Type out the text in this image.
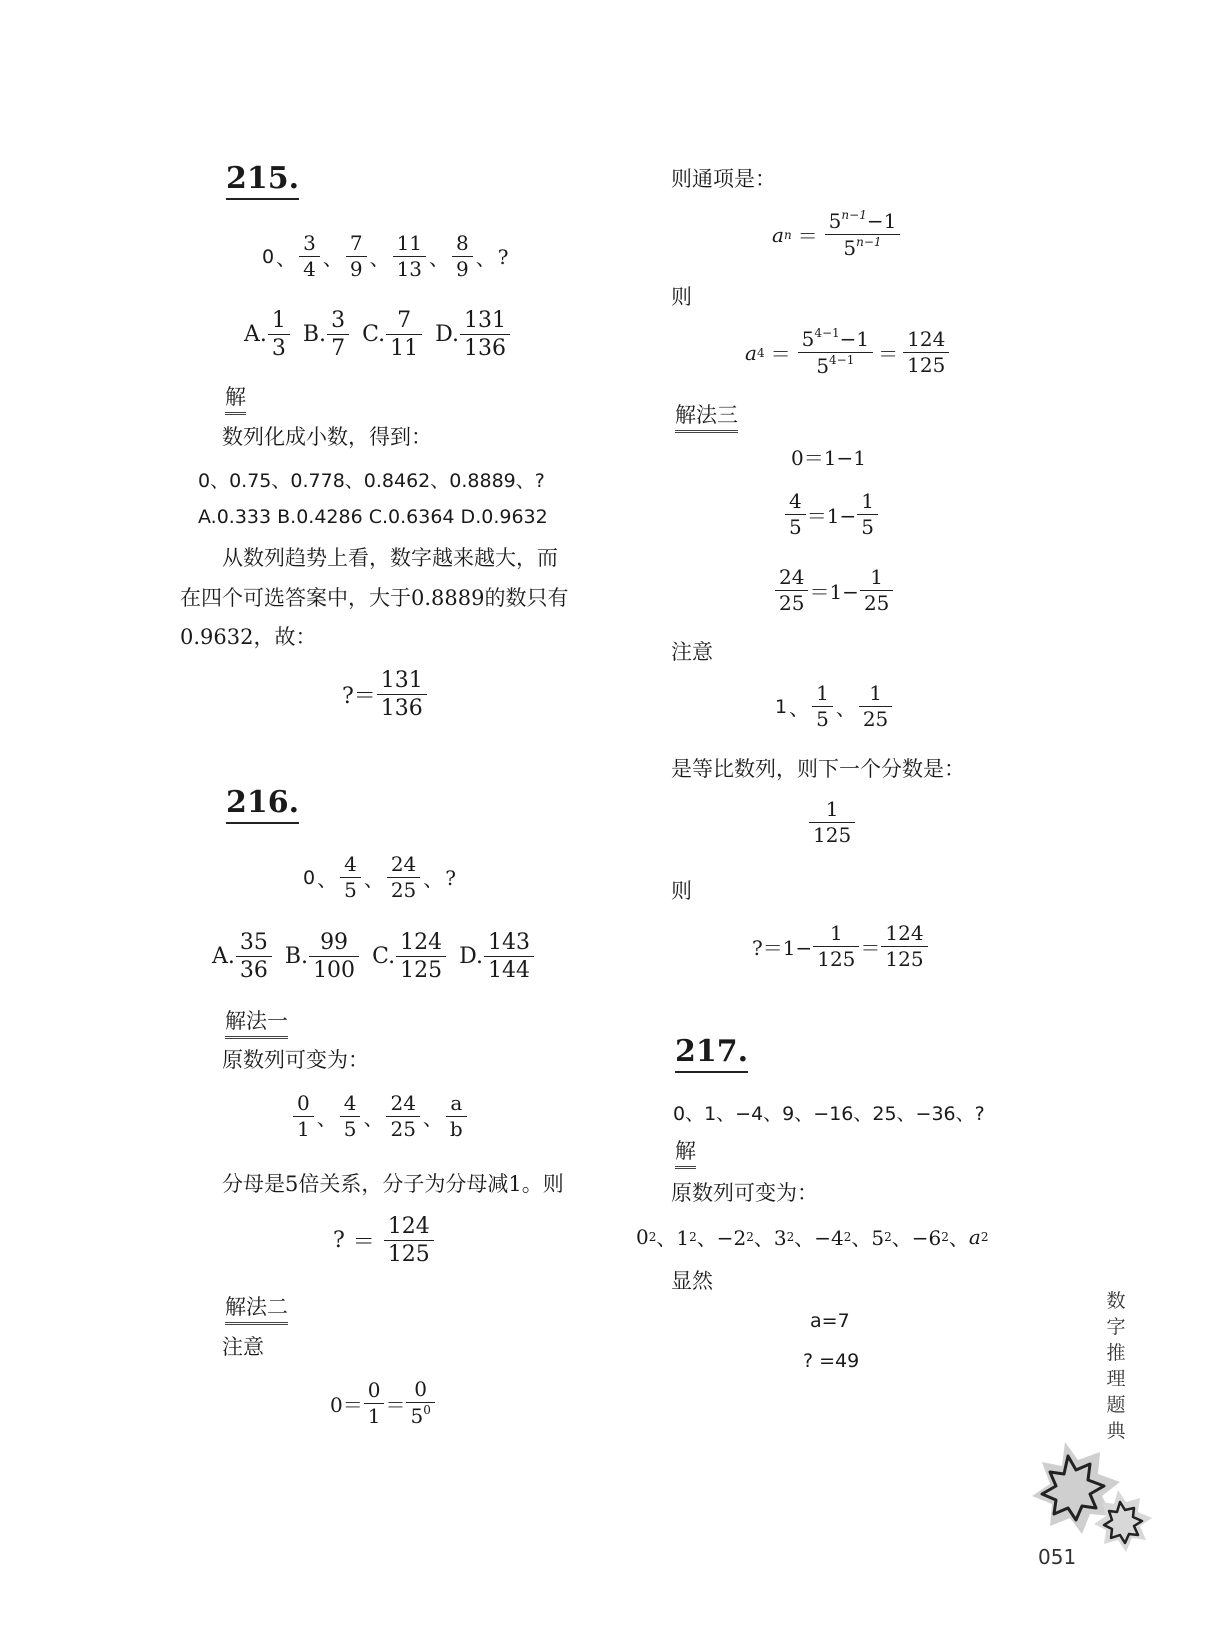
215.
0 、 $\frac{3}{4}$ 、 $\frac{7}{9}$ 、 $\frac{11}{13}$ 、 $\frac{8}{9}$ 、 ?
A. $\frac{1}{3} B$. $\frac{3}{7} C$. $\frac{7}{11} D$. $\frac{131}{136}$
解
数列化成小数，得到：
0、0.75、0.778、0.8462、0.8889、?
A.0.333 B.0.4286 C.0.6364 D.0.9632
从数列趋势上看，数字越来越大，而
在四个可选答案中，大于0.8889的数只有
0.9632，故：
?＝ $\frac{131}{136}$
216.
0 、 $\frac{4}{5}$ 、 $\frac{24}{25}$ 、 ?
A. $\frac{35}{36} B$. $\frac{99}{100} C$. $\frac{124}{125} D$. $\frac{143}{144}$
解法一
原数列可变为：
$\frac{0}{1}$ 、 $\frac{4}{5}$ 、 $\frac{24}{25}$ 、 $\frac{a}{b}$
分母是5倍关系，分子为分母减1。则
? ＝ $\frac{124}{125}$
解法二
注意
$0= \frac{0}{1} = \frac{0}{5^0}$
则通项是：
a $n = \frac{5^{n-1}-1}{5^{n-1}}$
则
a $4 = \frac{5^{4-1}-1}{5^{4-1}} = \frac{124}{125}$
解法三
0＝1−1
$\frac{4}{5} =1- \frac{1}{5}$
$\frac{24}{25} =1- \frac{1}{25}$
注意
1 、 $\frac{1}{5}$ 、 $\frac{1}{25}$
是等比数列，则下一个分数是：
$\frac{1}{125}$
则
?＝1− $\frac{1}{125} = \frac{124}{125}$
217.
0、1、−4、9、−16、25、−36、?
解
原数列可变为：
0 2 、1 2 、−2 2 、3 2 、−4 2 、5 2 、−6 2 、 a 2
显然
a=7
? =49
数
字
推
理
题
典
051
